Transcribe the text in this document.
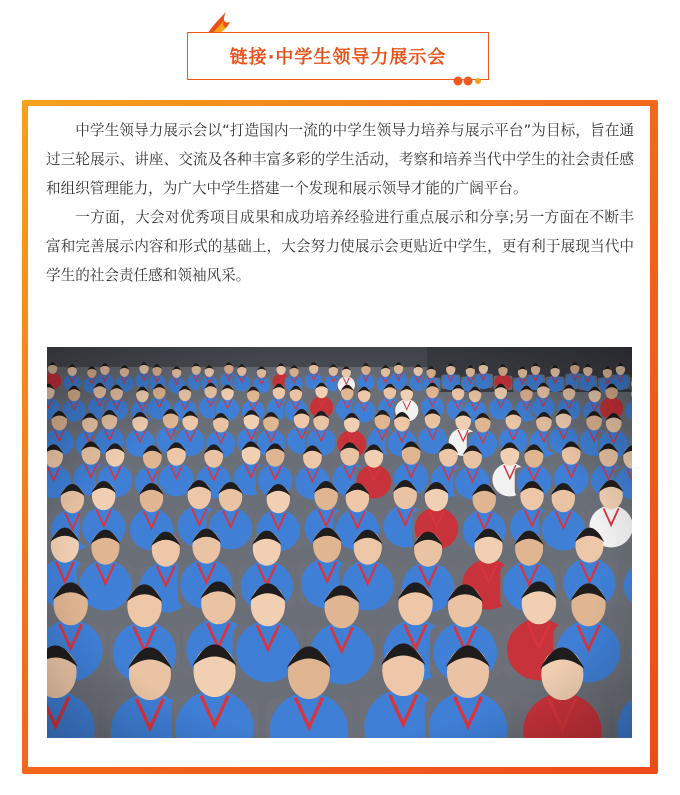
链接·中学生领导力展示会

中学生领导力展示会以“打造国内一流的中学生领导力培养与展示平台”为目标，旨在通过三轮展示、讲座、交流及各种丰富多彩的学生活动，考察和培养当代中学生的社会责任感和组织管理能力，为广大中学生搭建一个发现和展示领导才能的广阔平台。

一方面，大会对优秀项目成果和成功培养经验进行重点展示和分享;另一方面在不断丰富和完善展示内容和形式的基础上，大会努力使展示会更贴近中学生，更有利于展现当代中学生的社会责任感和领袖风采。
